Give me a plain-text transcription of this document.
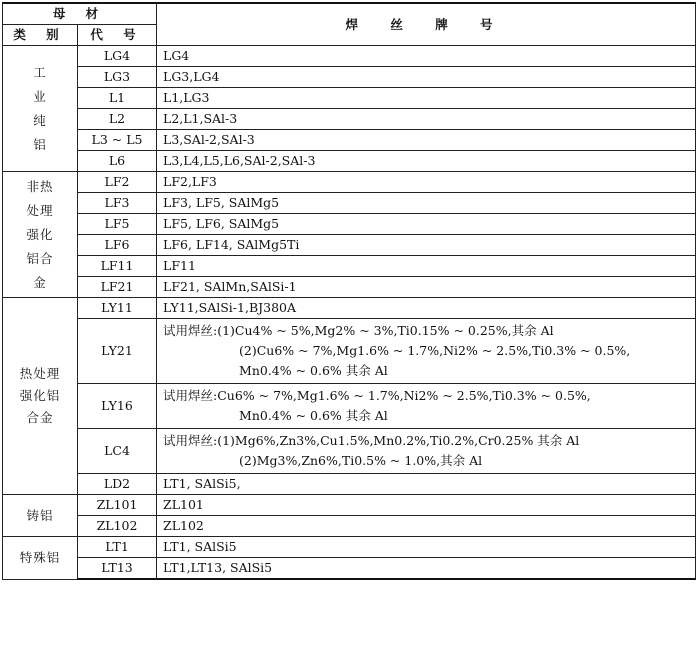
母 材		焊 丝 牌 号
类 别	代 号	
工业纯铝	LG4	LG4

	LG3	LG3,LG4

	L1	L1,LG3

	L2	L2,L1,SAl-3

	L3 ~ L5	L3,SAl-2,SAl-3

	L6	L3,L4,L5,L6,SAl-2,SAl-3

非热处理强化铝合金	LF2	LF2,LF3

	LF3	LF3, LF5, SAlMg5

	LF5	LF5, LF6, SAlMg5

	LF6	LF6, LF14, SAlMg5Ti

	LF11	LF11

	LF21	LF21, SAlMn,SAlSi-1

热处理强化铝合金	LY11	LY11,SAlSi-1,BJ380A

	LY21	试用焊丝:(1)Cu4% ~ 5%,Mg2% ~ 3%,Ti0.15% ~ 0.25%,其余 Al
(2)Cu6% ~ 7%,Mg1.6% ~ 1.7%,Ni2% ~ 2.5%,Ti0.3% ~ 0.5%,
Mn0.4% ~ 0.6% 其余 Al

	LY16	试用焊丝:Cu6% ~ 7%,Mg1.6% ~ 1.7%,Ni2% ~ 2.5%,Ti0.3% ~ 0.5%,
Mn0.4% ~ 0.6% 其余 Al

	LC4	试用焊丝:(1)Mg6%,Zn3%,Cu1.5%,Mn0.2%,Ti0.2%,Cr0.25% 其余 Al
(2)Mg3%,Zn6%,Ti0.5% ~ 1.0%,其余 Al

	LD2	LT1, SAlSi5,

铸铝	ZL101	ZL101

	ZL102	ZL102

特殊铝	LT1	LT1, SAlSi5

	LT13	LT1,LT13, SAlSi5
